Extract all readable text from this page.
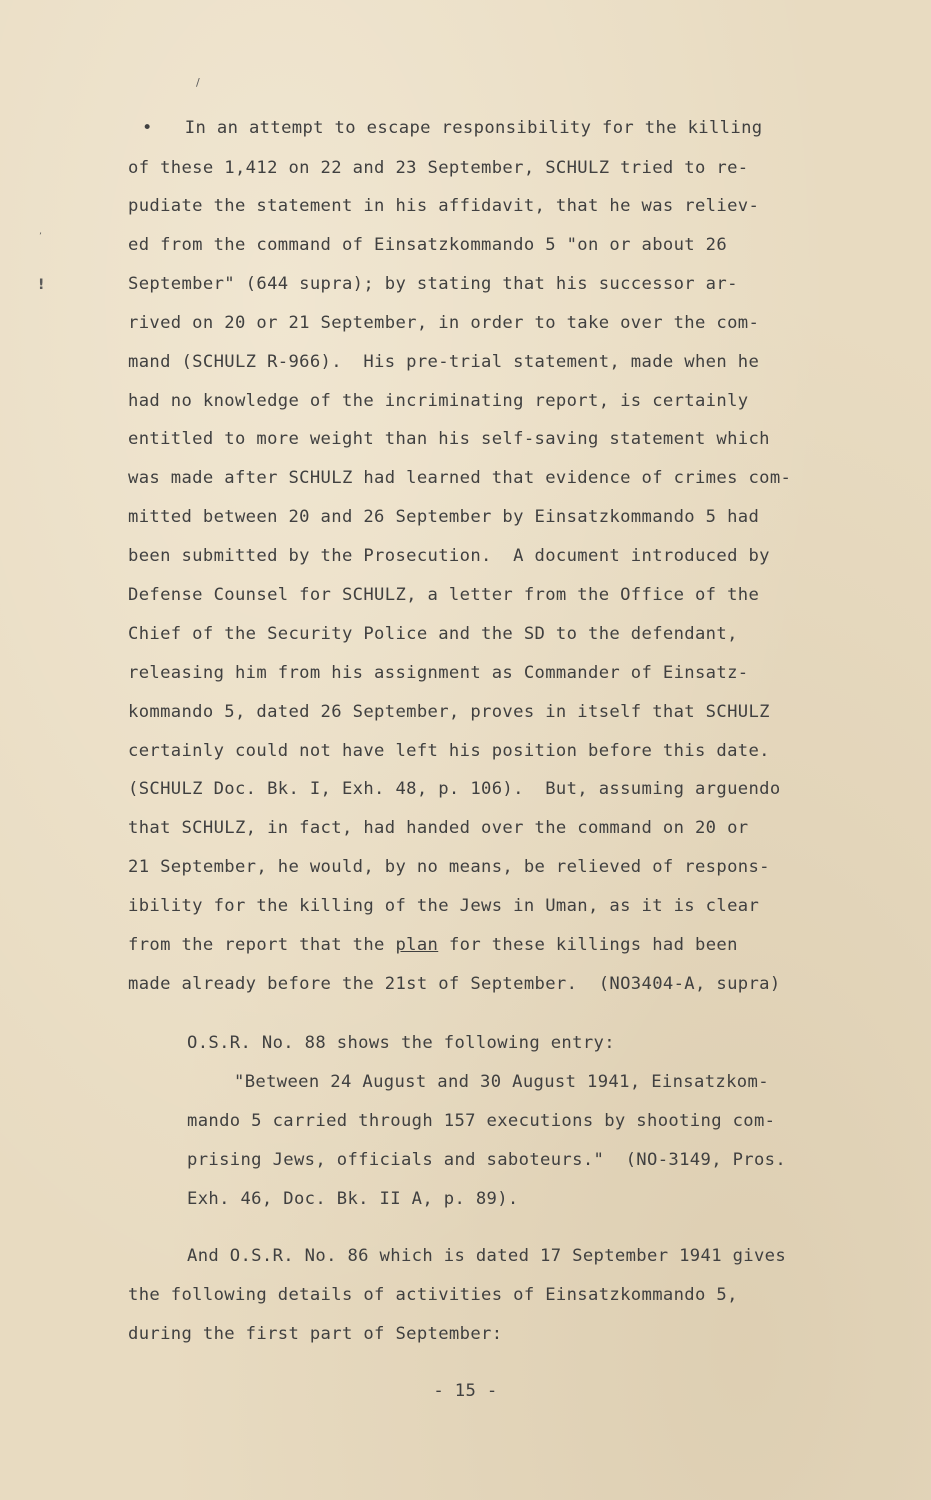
/
’
!
•   In an attempt to escape responsibility for the killing
of these 1,412 on 22 and 23 September, SCHULZ tried to re-
pudiate the statement in his affidavit, that he was reliev-
ed from the command of Einsatzkommando 5 "on or about 26
September" (644 supra); by stating that his successor ar-
rived on 20 or 21 September, in order to take over the com-
mand (SCHULZ R-966).  His pre-trial statement, made when he
had no knowledge of the incriminating report, is certainly
entitled to more weight than his self-saving statement which
was made after SCHULZ had learned that evidence of crimes com-
mitted between 20 and 26 September by Einsatzkommando 5 had
been submitted by the Prosecution.  A document introduced by
Defense Counsel for SCHULZ, a letter from the Office of the
Chief of the Security Police and the SD to the defendant,
releasing him from his assignment as Commander of Einsatz-
kommando 5, dated 26 September, proves in itself that SCHULZ
certainly could not have left his position before this date.
(SCHULZ Doc. Bk. I, Exh. 48, p. 106).  But, assuming arguendo
that SCHULZ, in fact, had handed over the command on 20 or
21 September, he would, by no means, be relieved of respons-
ibility for the killing of the Jews in Uman, as it is clear
from the report that the plan for these killings had been
made already before the 21st of September.  (NO3404-A, supra)
O.S.R. No. 88 shows the following entry:
"Between 24 August and 30 August 1941, Einsatzkom-
mando 5 carried through 157 executions by shooting com-
prising Jews, officials and saboteurs."  (NO-3149, Pros.
Exh. 46, Doc. Bk. II A, p. 89).
And O.S.R. No. 86 which is dated 17 September 1941 gives
the following details of activities of Einsatzkommando 5,
during the first part of September:
- 15 -
